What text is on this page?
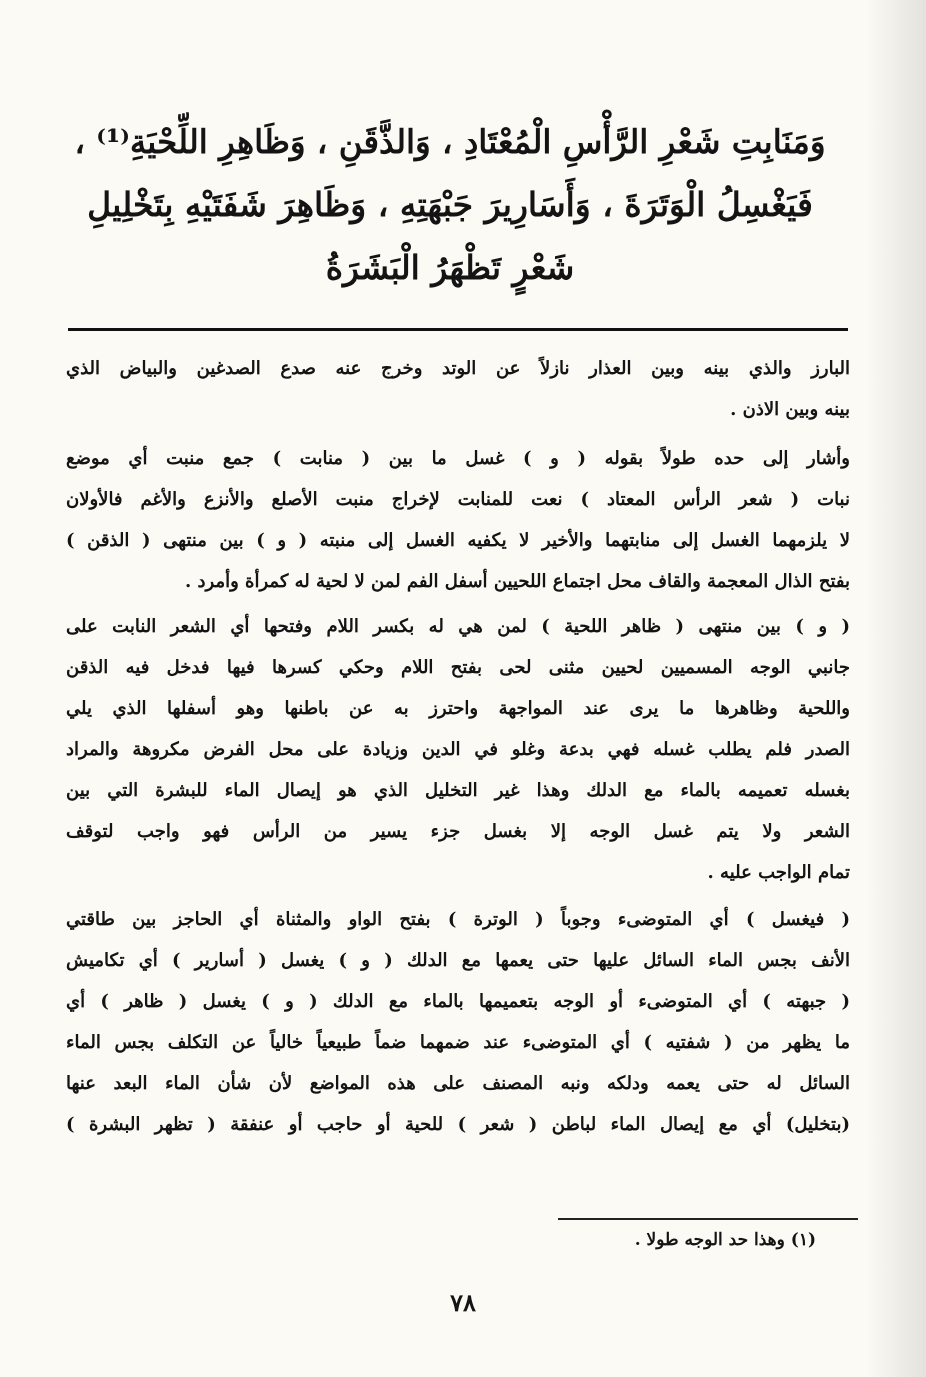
وَمَنَابِتِ شَعْرِ الرَّأْسِ الْمُعْتَادِ ، وَالذَّقَنِ ، وَظَاهِرِ اللِّحْيَةِ⁽¹⁾ ،
فَيَغْسِلُ الْوَتَرَةَ ، وَأَسَارِيرَ جَبْهَتِهِ ، وَظَاهِرَ شَفَتَيْهِ بِتَخْلِيلِ
شَعْرٍ تَظْهَرُ الْبَشَرَةُ
البارز والذي بينه وبين العذار نازلاً عن الوتد وخرج عنه صدع الصدغين والبياض الذي
بينه وبين الاذن .
وأشار إلى حده طولاً بقوله ( و ) غسل ما بين ( منابت ) جمع منبت أي موضع
نبات ( شعر الرأس المعتاد ) نعت للمنابت لإخراج منبت الأصلع والأنزع والأغم فالأولان
لا يلزمهما الغسل إلى منابتهما والأخير لا يكفيه الغسل إلى منبته ( و ) بين منتهى ( الذقن )
بفتح الذال المعجمة والقاف محل اجتماع اللحيين أسفل الفم لمن لا لحية له كمرأة وأمرد .
( و ) بين منتهى ( ظاهر اللحية ) لمن هي له بكسر اللام وفتحها أي الشعر النابت على
جانبي الوجه المسميين لحيين مثنى لحى بفتح اللام وحكي كسرها فيها فدخل فيه الذقن
واللحية وظاهرها ما يرى عند المواجهة واحترز به عن باطنها وهو أسفلها الذي يلي
الصدر فلم يطلب غسله فهي بدعة وغلو في الدين وزيادة على محل الفرض مكروهة والمراد
بغسله تعميمه بالماء مع الدلك وهذا غير التخليل الذي هو إيصال الماء للبشرة التي بين
الشعر ولا يتم غسل الوجه إلا بغسل جزء يسير من الرأس فهو واجب لتوقف
تمام الواجب عليه .
( فيغسل ) أي المتوضىء وجوباً ( الوترة ) بفتح الواو والمثناة أي الحاجز بين طاقتي
الأنف بجس الماء السائل عليها حتى يعمها مع الدلك ( و ) يغسل ( أسارير ) أي تكاميش
( جبهته ) أي المتوضىء أو الوجه بتعميمها بالماء مع الدلك ( و ) يغسل ( ظاهر ) أي
ما يظهر من ( شفتيه ) أي المتوضىء عند ضمهما ضماً طبيعياً خالياً عن التكلف بجس الماء
السائل له حتى يعمه ودلكه ونبه المصنف على هذه المواضع لأن شأن الماء البعد عنها
(بتخليل) أي مع إيصال الماء لباطن ( شعر ) للحية أو حاجب أو عنفقة ( تظهر البشرة )
(١) وهذا حد الوجه طولا .
٧٨
